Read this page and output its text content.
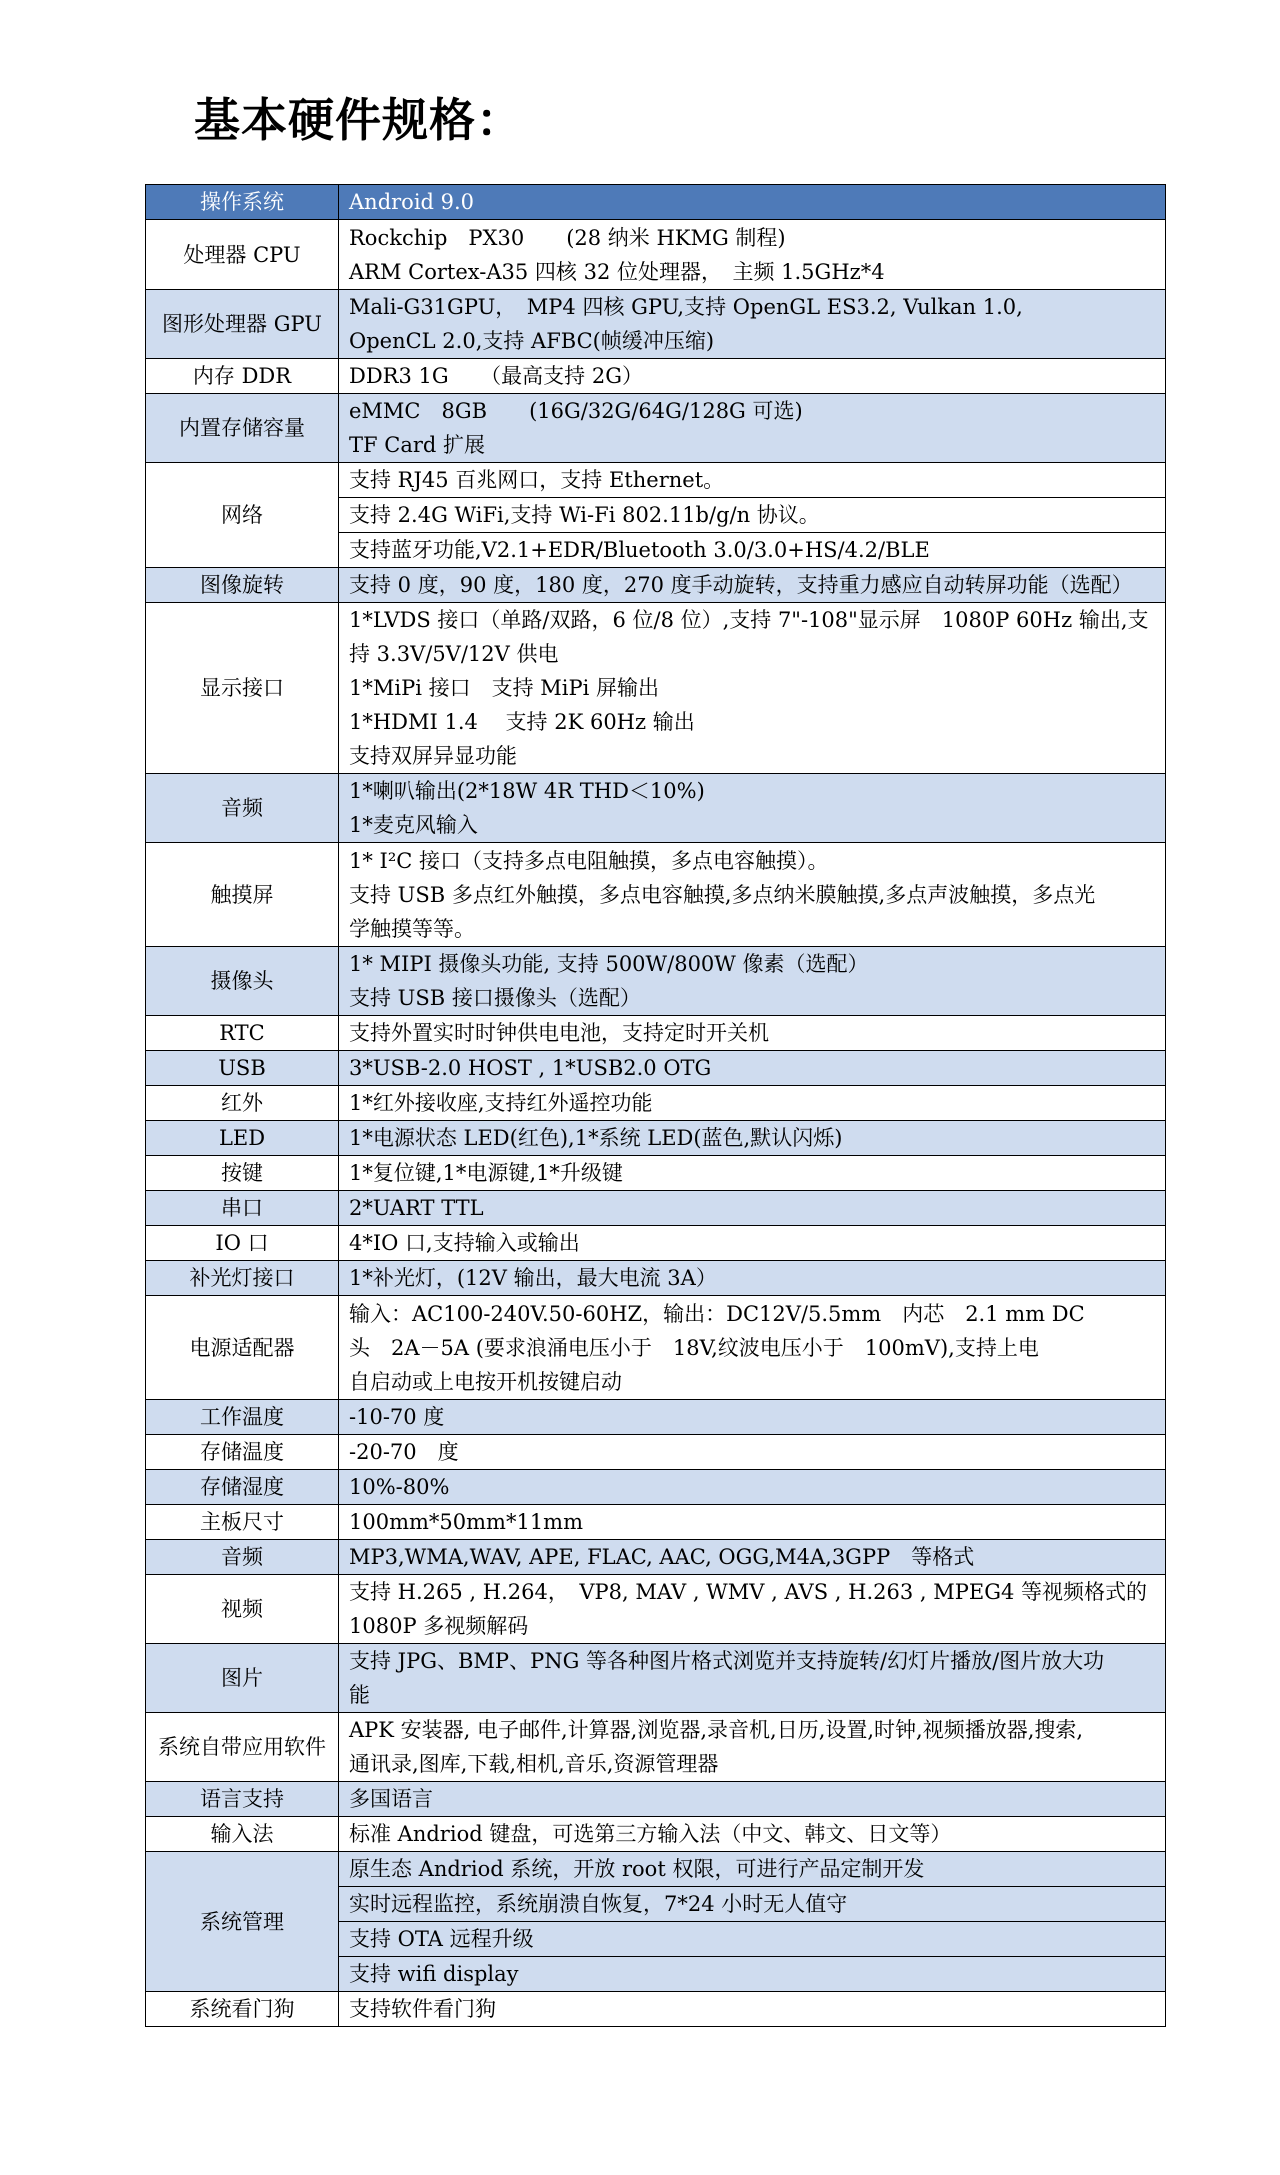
基本硬件规格：
操作系统	Android 9.0

处理器 CPU	Rockchip　PX30　　(28 纳米 HKMG 制程)
ARM Cortex-A35 四核 32 位处理器，　主频 1.5GHz*4

图形处理器 GPU	Mali-G31GPU，　MP4 四核 GPU,支持 OpenGL ES3.2, Vulkan 1.0,
OpenCL 2.0,支持 AFBC(帧缓冲压缩)

内存 DDR	DDR3 1G　　（最高支持 2G）

内置存储容量	eMMC　8GB　　(16G/32G/64G/128G 可选)
TF Card 扩展

网络	支持 RJ45 百兆网口，支持 Ethernet。

	支持 2.4G WiFi,支持 Wi-Fi 802.11b/g/n 协议。

	支持蓝牙功能,V2.1+EDR/Bluetooth 3.0/3.0+HS/4.2/BLE

图像旋转	支持 0 度，90 度，180 度，270 度手动旋转，支持重力感应自动转屏功能（选配）

显示接口	1*LVDS 接口（单路/双路，6 位/8 位）,支持 7"-108"显示屏　1080P 60Hz 输出,支
持 3.3V/5V/12V 供电
1*MiPi 接口　支持 MiPi 屏输出
1*HDMI 1.4　 支持 2K 60Hz 输出
支持双屏异显功能

音频	1*喇叭输出(2*18W 4R THD＜10%)
1*麦克风输入

触摸屏	1* I²C 接口（支持多点电阻触摸，多点电容触摸）。
支持 USB 多点红外触摸，多点电容触摸,多点纳米膜触摸,多点声波触摸，多点光
学触摸等等。

摄像头	1* MIPI 摄像头功能, 支持 500W/800W 像素（选配）
支持 USB 接口摄像头（选配）

RTC	支持外置实时时钟供电电池，支持定时开关机

USB	3*USB-2.0 HOST , 1*USB2.0 OTG

红外	1*红外接收座,支持红外遥控功能

LED	1*电源状态 LED(红色),1*系统 LED(蓝色,默认闪烁)

按键	1*复位键,1*电源键,1*升级键

串口	2*UART TTL

IO 口	4*IO 口,支持输入或输出

补光灯接口	1*补光灯，(12V 输出，最大电流 3A）

电源适配器	输入：AC100-240V.50-60HZ，输出：DC12V/5.5mm　内芯　2.1 mm DC
头　2A－5A (要求浪涌电压小于　18V,纹波电压小于　100mV),支持上电
自启动或上电按开机按键启动

工作温度	-10-70 度

存储温度	-20-70　度

存储湿度	10%-80%

主板尺寸	100mm*50mm*11mm

音频	MP3,WMA,WAV, APE, FLAC, AAC, OGG,M4A,3GPP　等格式

视频	支持 H.265 , H.264，　VP8, MAV , WMV , AVS , H.263 , MPEG4 等视频格式的
1080P 多视频解码

图片	支持 JPG、BMP、PNG 等各种图片格式浏览并支持旋转/幻灯片播放/图片放大功
能

系统自带应用软件	APK 安装器, 电子邮件,计算器,浏览器,录音机,日历,设置,时钟,视频播放器,搜索,
通讯录,图库,下载,相机,音乐,资源管理器

语言支持	多国语言

输入法	标准 Andriod 键盘，可选第三方输入法（中文、韩文、日文等）

系统管理	原生态 Andriod 系统，开放 root 权限，可进行产品定制开发

	实时远程监控，系统崩溃自恢复，7*24 小时无人值守

	支持 OTA 远程升级

	支持 wifi display

系统看门狗	支持软件看门狗
